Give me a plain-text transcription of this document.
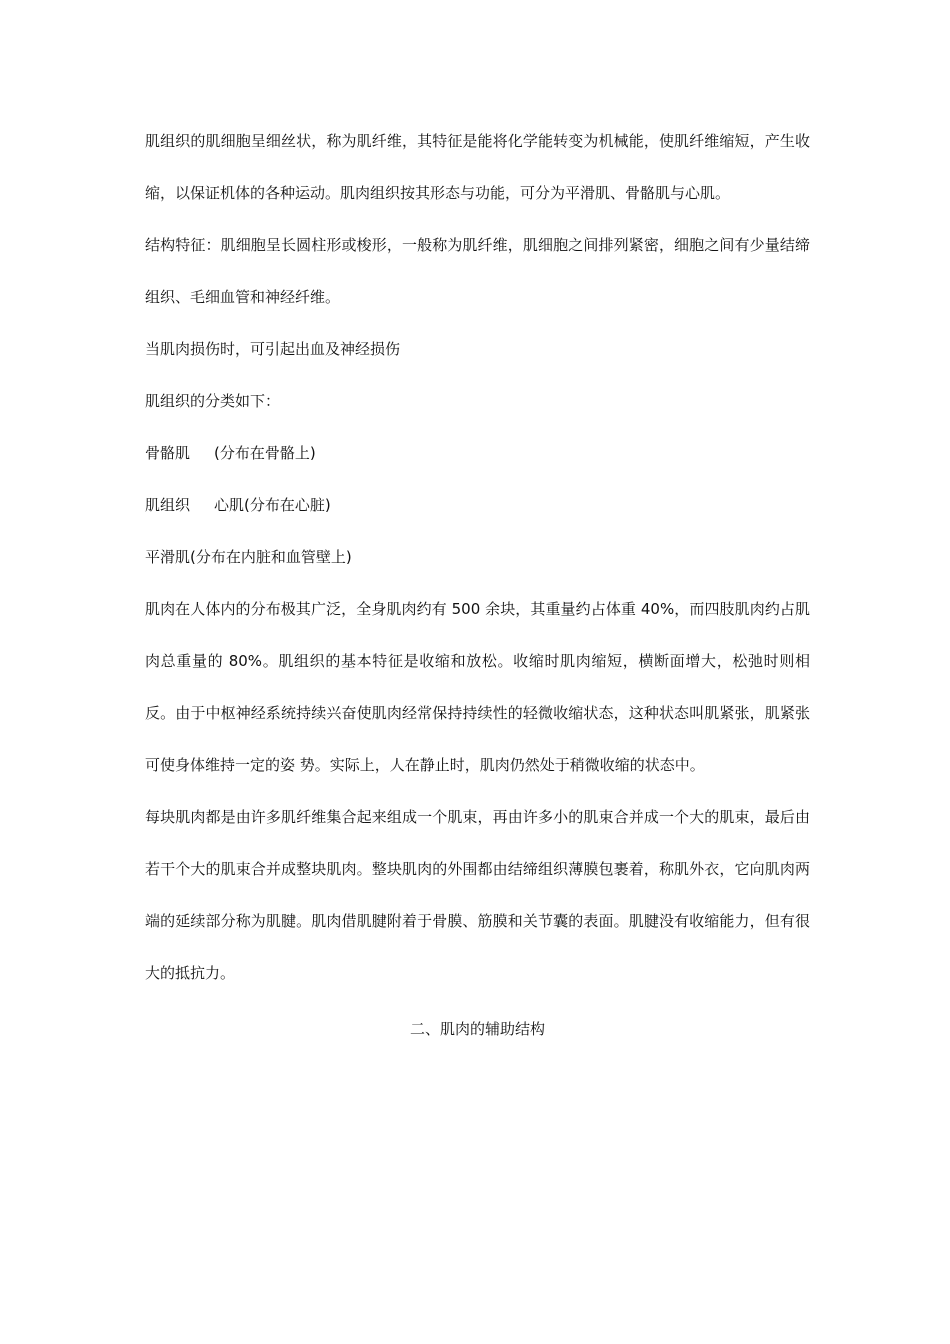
肌组织的肌细胞呈细丝状，称为肌纤维，其特征是能将化学能转变为机械能，使肌纤维缩短，产生收缩，以保证机体的各种运动。肌肉组织按其形态与功能，可分为平滑肌、骨骼肌与心肌。

结构特征：肌细胞呈长圆柱形或梭形，一般称为肌纤维，肌细胞之间排列紧密，细胞之间有少量结缔组织、毛细血管和神经纤维。

当肌肉损伤时，可引起出血及神经损伤

肌组织的分类如下：

骨骼肌 (分布在骨骼上)

肌组织 心肌(分布在心脏)

平滑肌(分布在内脏和血管壁上)

肌肉在人体内的分布极其广泛，全身肌肉约有 500 余块，其重量约占体重 40%，而四肢肌肉约占肌肉总重量的 80%。肌组织的基本特征是收缩和放松。收缩时肌肉缩短，横断面增大，松弛时则相反。由于中枢神经系统持续兴奋使肌肉经常保持持续性的轻微收缩状态，这种状态叫肌紧张，肌紧张可使身体维持一定的姿 势。实际上，人在静止时，肌肉仍然处于稍微收缩的状态中。

每块肌肉都是由许多肌纤维集合起来组成一个肌束，再由许多小的肌束合并成一个大的肌束，最后由若干个大的肌束合并成整块肌肉。整块肌肉的外围都由结缔组织薄膜包裹着，称肌外衣，它向肌肉两端的延续部分称为肌腱。肌肉借肌腱附着于骨膜、筋膜和关节囊的表面。肌腱没有收缩能力，但有很大的抵抗力。

二、肌肉的辅助结构
